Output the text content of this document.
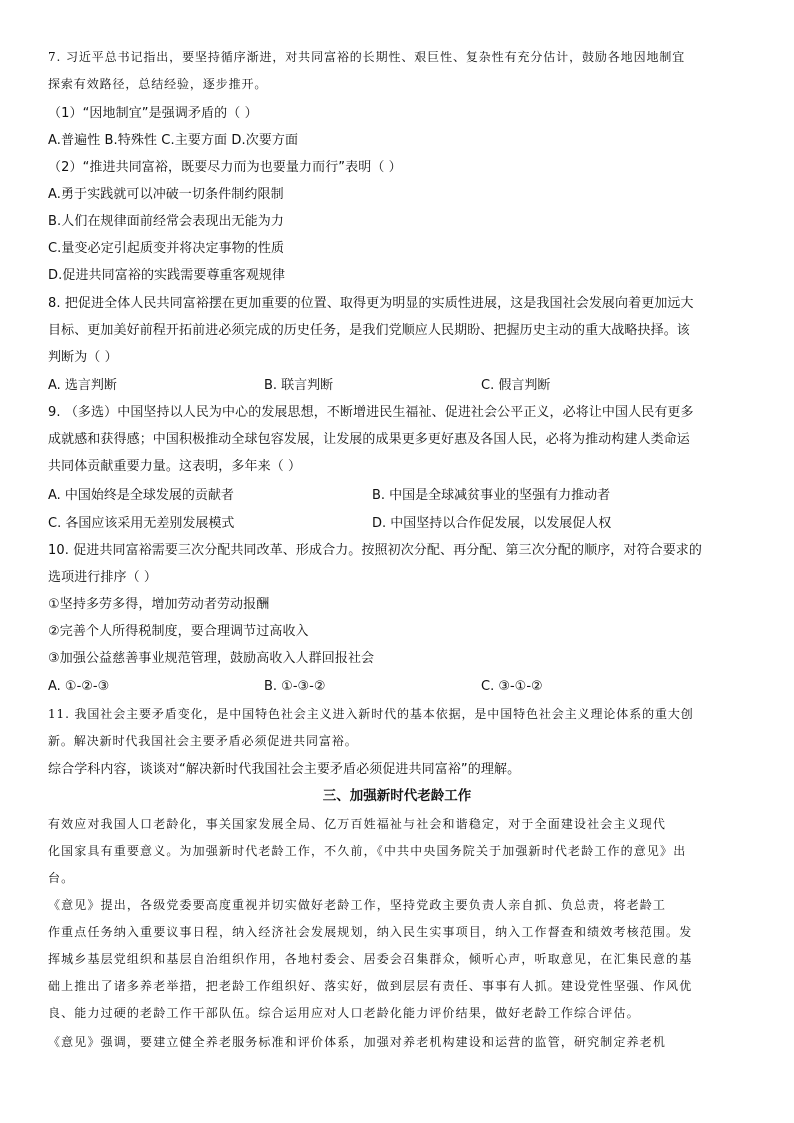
7. 习近平总书记指出，要坚持循序渐进，对共同富裕的长期性、艰巨性、复杂性有充分估计，鼓励各地因地制宜
探索有效路径，总结经验，逐步推开。
（1）“因地制宜”是强调矛盾的（ ）
A.普遍性 B.特殊性 C.主要方面 D.次要方面
（2）“推进共同富裕，既要尽力而为也要量力而行”表明（ ）
A.勇于实践就可以冲破一切条件制约限制
B.人们在规律面前经常会表现出无能为力
C.量变必定引起质变并将决定事物的性质
D.促进共同富裕的实践需要尊重客观规律
8. 把促进全体人民共同富裕摆在更加重要的位置、取得更为明显的实质性进展，这是我国社会发展向着更加远大
目标、更加美好前程开拓前进必须完成的历史任务，是我们党顺应人民期盼、把握历史主动的重大战略抉择。该
判断为（ ）
A. 选言判断	B. 联言判断	C. 假言判断
9. （多选）中国坚持以人民为中心的发展思想，不断增进民生福祉、促进社会公平正义，必将让中国人民有更多
成就感和获得感；中国积极推动全球包容发展，让发展的成果更多更好惠及各国人民，必将为推动构建人类命运
共同体贡献重要力量。这表明，多年来（ ）
A. 中国始终是全球发展的贡献者	B. 中国是全球减贫事业的坚强有力推动者
C. 各国应该采用无差别发展模式	D. 中国坚持以合作促发展，以发展促人权
10. 促进共同富裕需要三次分配共同改革、形成合力。按照初次分配、再分配、第三次分配的顺序，对符合要求的
选项进行排序（ ）
①坚持多劳多得，增加劳动者劳动报酬
②完善个人所得税制度，要合理调节过高收入
③加强公益慈善事业规范管理，鼓励高收入人群回报社会
A. ①-②-③	B. ①-③-②	C. ③-①-②
11. 我国社会主要矛盾变化，是中国特色社会主义进入新时代的基本依据，是中国特色社会主义理论体系的重大创
新。解决新时代我国社会主要矛盾必须促进共同富裕。
综合学科内容，谈谈对“解决新时代我国社会主要矛盾必须促进共同富裕”的理解。
三、加强新时代老龄工作
有效应对我国人口老龄化，事关国家发展全局、亿万百姓福祉与社会和谐稳定，对于全面建设社会主义现代
化国家具有重要意义。为加强新时代老龄工作，不久前，《中共中央国务院关于加强新时代老龄工作的意见》出
台。
《意见》提出，各级党委要高度重视并切实做好老龄工作，坚持党政主要负责人亲自抓、负总责，将老龄工
作重点任务纳入重要议事日程，纳入经济社会发展规划，纳入民生实事项目，纳入工作督查和绩效考核范围。发
挥城乡基层党组织和基层自治组织作用，各地村委会、居委会召集群众，倾听心声，听取意见，在汇集民意的基
础上推出了诸多养老举措，把老龄工作组织好、落实好，做到层层有责任、事事有人抓。建设党性坚强、作风优
良、能力过硬的老龄工作干部队伍。综合运用应对人口老龄化能力评价结果，做好老龄工作综合评估。
《意见》强调，要建立健全养老服务标准和评价体系，加强对养老机构建设和运营的监管，研究制定养老机
